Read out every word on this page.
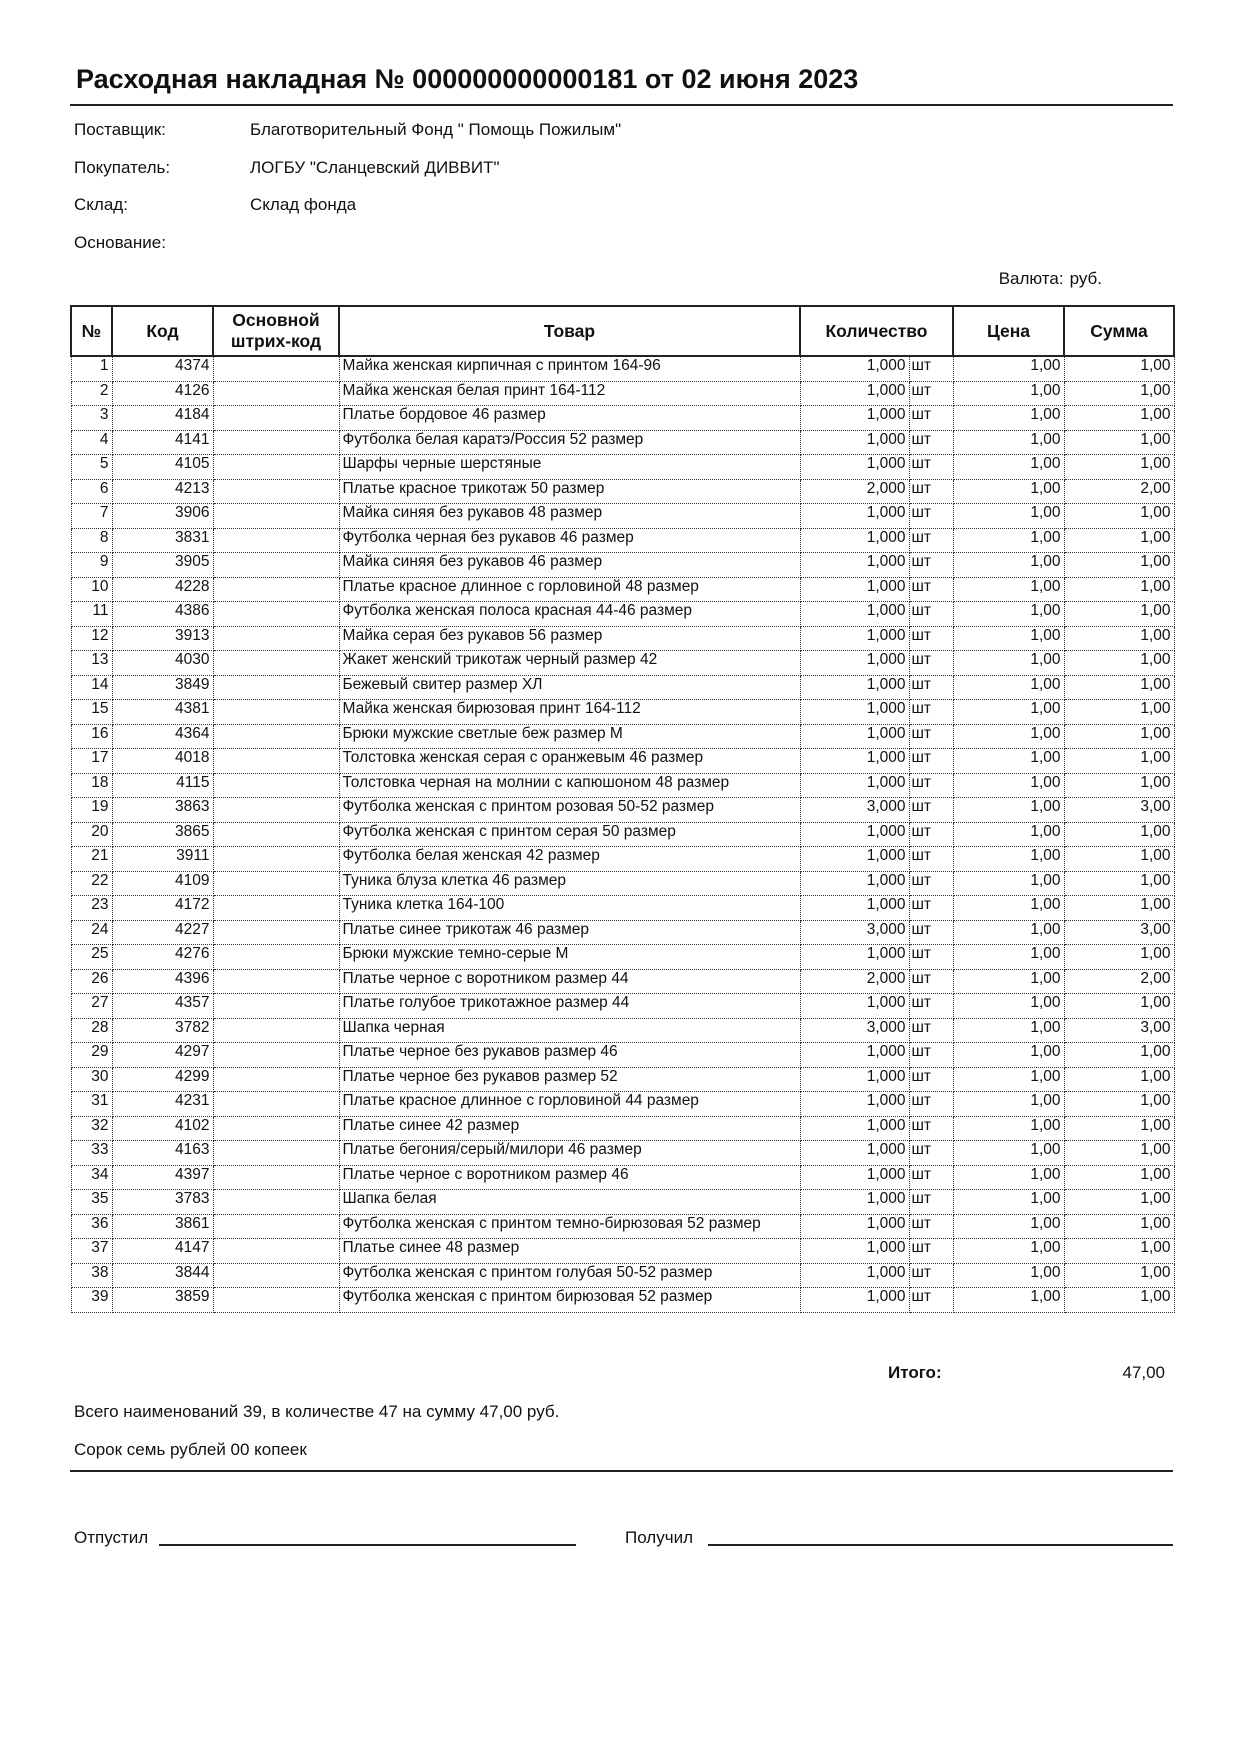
Расходная накладная № 000000000000181 от 02 июня 2023
Поставщик:	Благотворительный Фонд " Помощь Пожилым"
Покупатель:	ЛОГБУ "Сланцевский ДИВВИТ"
Склад:	Склад фонда
Основание:
Валюта: руб.
№	Код	Основной штрих-код	Товар	Количество		Цена	Сумма
1	4374		Майка женская кирпичная с принтом 164-96	1,000	шт	1,00	1,00
2	4126		Майка женская белая принт 164-112	1,000	шт	1,00	1,00
3	4184		Платье бордовое 46 размер	1,000	шт	1,00	1,00
4	4141		Футболка белая каратэ/Россия 52 размер	1,000	шт	1,00	1,00
5	4105		Шарфы черные шерстяные	1,000	шт	1,00	1,00
6	4213		Платье красное трикотаж 50 размер	2,000	шт	1,00	2,00
7	3906		Майка синяя без рукавов 48 размер	1,000	шт	1,00	1,00
8	3831		Футболка черная без рукавов 46 размер	1,000	шт	1,00	1,00
9	3905		Майка синяя без рукавов 46 размер	1,000	шт	1,00	1,00
10	4228		Платье красное длинное с горловиной 48 размер	1,000	шт	1,00	1,00
11	4386		Футболка женская полоса красная 44-46 размер	1,000	шт	1,00	1,00
12	3913		Майка серая без рукавов 56 размер	1,000	шт	1,00	1,00
13	4030		Жакет женский трикотаж черный размер 42	1,000	шт	1,00	1,00
14	3849		Бежевый свитер размер ХЛ	1,000	шт	1,00	1,00
15	4381		Майка женская бирюзовая принт 164-112	1,000	шт	1,00	1,00
16	4364		Брюки мужские светлые беж размер М	1,000	шт	1,00	1,00
17	4018		Толстовка женская серая с оранжевым 46 размер	1,000	шт	1,00	1,00
18	4115		Толстовка черная на молнии с капюшоном 48 размер	1,000	шт	1,00	1,00
19	3863		Футболка женская с принтом розовая 50-52 размер	3,000	шт	1,00	3,00
20	3865		Футболка женская с принтом серая 50 размер	1,000	шт	1,00	1,00
21	3911		Футболка белая женская 42 размер	1,000	шт	1,00	1,00
22	4109		Туника блуза клетка 46 размер	1,000	шт	1,00	1,00
23	4172		Туника клетка 164-100	1,000	шт	1,00	1,00
24	4227		Платье синее трикотаж 46 размер	3,000	шт	1,00	3,00
25	4276		Брюки мужские темно-серые М	1,000	шт	1,00	1,00
26	4396		Платье черное с воротником размер 44	2,000	шт	1,00	2,00
27	4357		Платье голубое трикотажное размер 44	1,000	шт	1,00	1,00
28	3782		Шапка черная	3,000	шт	1,00	3,00
29	4297		Платье черное без рукавов размер 46	1,000	шт	1,00	1,00
30	4299		Платье черное без рукавов размер 52	1,000	шт	1,00	1,00
31	4231		Платье красное длинное с горловиной 44 размер	1,000	шт	1,00	1,00
32	4102		Платье синее 42 размер	1,000	шт	1,00	1,00
33	4163		Платье бегония/серый/милори 46 размер	1,000	шт	1,00	1,00
34	4397		Платье черное с воротником размер 46	1,000	шт	1,00	1,00
35	3783		Шапка белая	1,000	шт	1,00	1,00
36	3861		Футболка женская с принтом темно-бирюзовая 52 размер	1,000	шт	1,00	1,00
37	4147		Платье синее 48 размер	1,000	шт	1,00	1,00
38	3844		Футболка женская с принтом голубая 50-52 размер	1,000	шт	1,00	1,00
39	3859		Футболка женская с принтом бирюзовая 52 размер	1,000	шт	1,00	1,00
Итого:	47,00
Всего наименований 39, в количестве 47 на сумму 47,00 руб.
Сорок семь рублей 00 копеек
Отпустил	Получил
